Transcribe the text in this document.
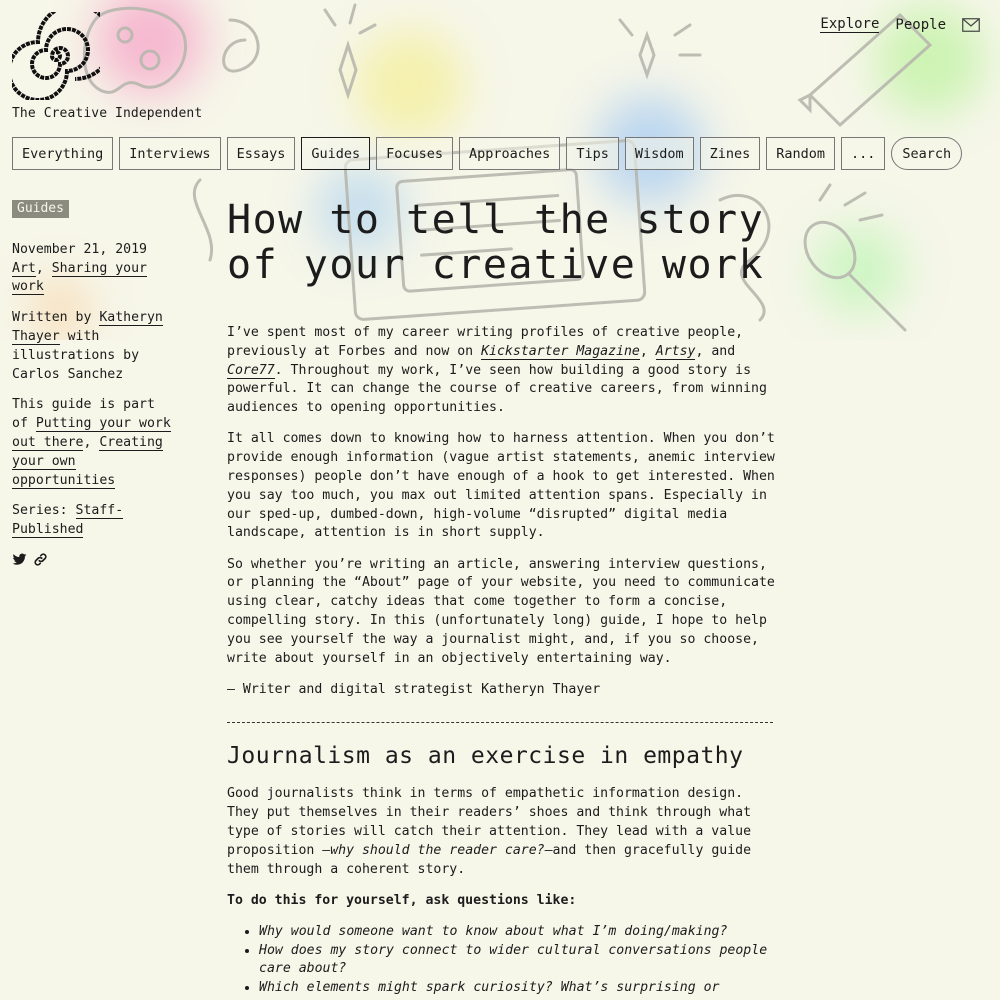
The Creative Independent
Explore People
Everything	Interviews	Essays	Guides	Focuses	Approaches	Tips	Wisdom	Zines	Random	...	Search
Guides

November 21, 2019

Art, Sharing your work

Written by Katheryn Thayer with illustrations by Carlos Sanchez

This guide is part of Putting your work out there, Creating your own opportunities

Series: Staff-Published

How to tell the story of your creative work

I’ve spent most of my career writing profiles of creative people, previously at Forbes and now on Kickstarter Magazine, Artsy, and Core77. Throughout my work, I’ve seen how building a good story is powerful. It can change the course of creative careers, from winning audiences to opening opportunities.

It all comes down to knowing how to harness attention. When you don’t provide enough information (vague artist statements, anemic interview responses) people don’t have enough of a hook to get interested. When you say too much, you max out limited attention spans. Especially in our sped-up, dumbed-down, high-volume “disrupted” digital media landscape, attention is in short supply.

So whether you’re writing an article, answering interview questions, or planning the “About” page of your website, you need to communicate using clear, catchy ideas that come together to form a concise, compelling story. In this (unfortunately long) guide, I hope to help you see yourself the way a journalist might, and, if you so choose, write about yourself in an objectively entertaining way.

— Writer and digital strategist Katheryn Thayer

Journalism as an exercise in empathy

Good journalists think in terms of empathetic information design. They put themselves in their readers’ shoes and think through what type of stories will catch their attention. They lead with a value proposition —why should the reader care?—and then gracefully guide them through a coherent story.

To do this for yourself, ask questions like:

• Why would someone want to know about what I’m doing/making?
• How does my story connect to wider cultural conversations people care about?
• Which elements might spark curiosity? What’s surprising or
